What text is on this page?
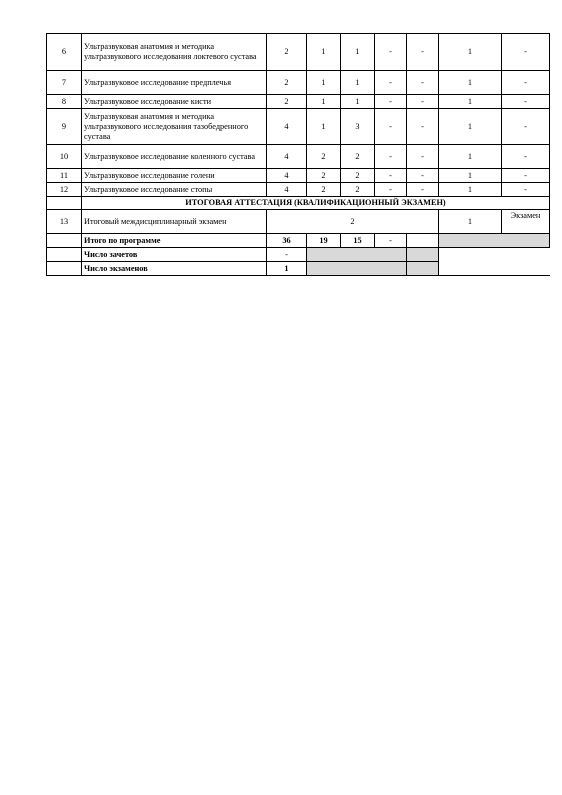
6	Ультразвуковая анатомия и методика ультразвукового исследования локтевого сустава	2	1	1	-	-	1	-
7	Ультразвуковое исследование предплечья	2	1	1	-	-	1	-
8	Ультразвуковое исследование кисти	2	1	1	-	-	1	-
9	Ультразвуковая анатомия и методика ультразвукового исследования тазобедренного сустава	4	1	3	-	-	1	-
10	Ультразвуковое исследование коленного сустава	4	2	2	-	-	1	-
11	Ультразвуковое исследование голени	4	2	2	-	-	1	-
12	Ультразвуковое исследование стопы	4	2	2	-	-	1	-
	ИТОГОВАЯ АТТЕСТАЦИЯ (КВАЛИФИКАЦИОННЫЙ ЭКЗАМЕН)							
13	Итоговый междисциплинарный экзамен	2					1	Экзамен
	Итого по программе	36	19	15	-			
	Число зачетов	-						
	Число экзаменов	1						
